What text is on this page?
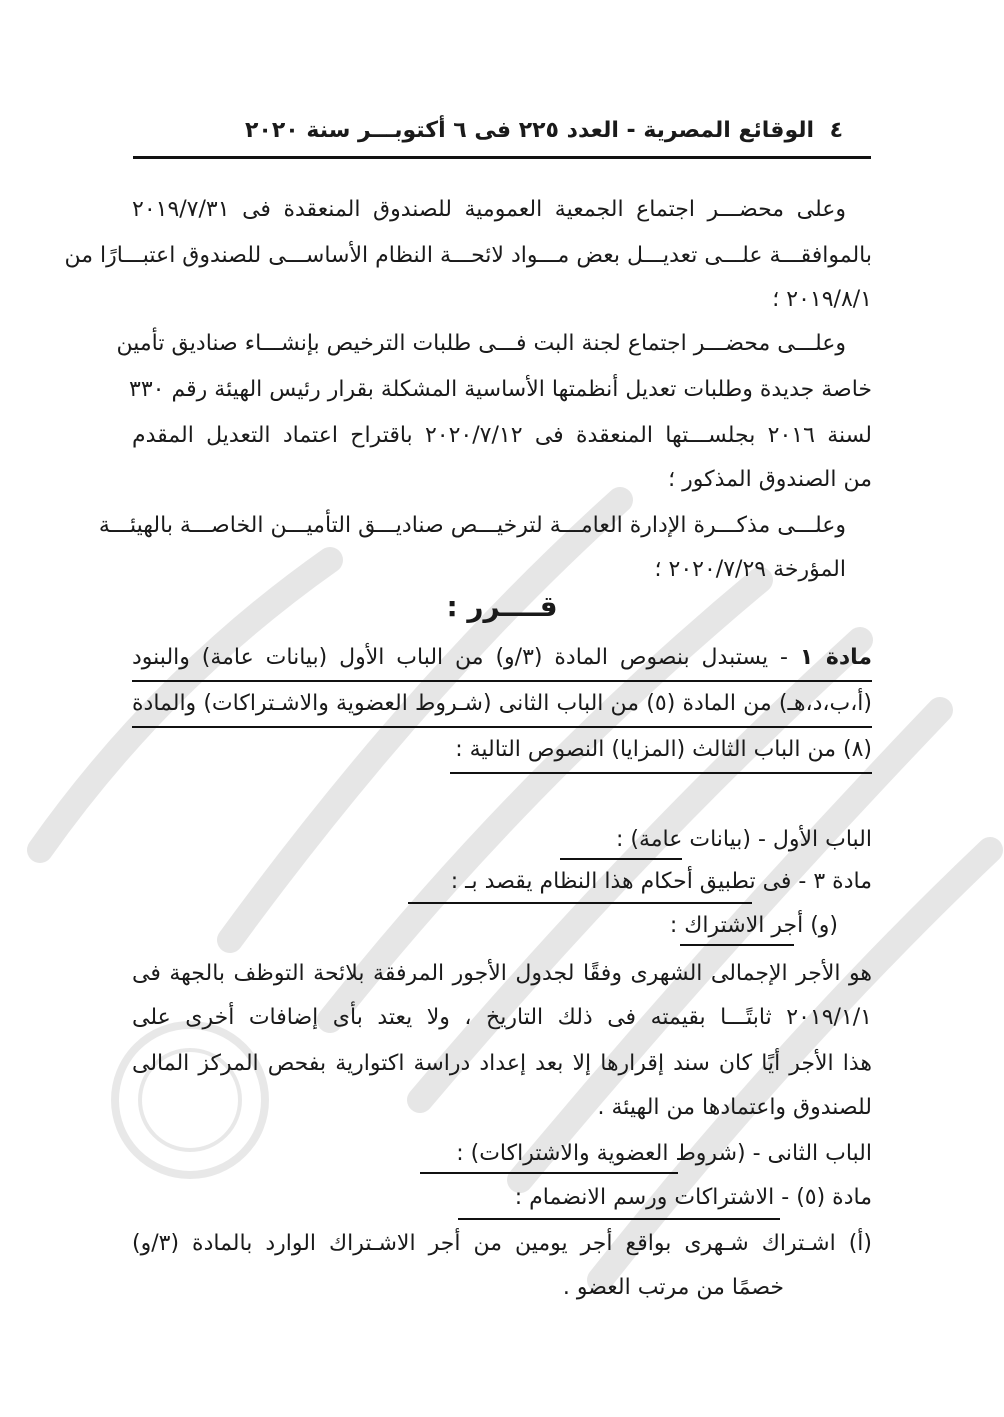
٤
الوقائع المصرية - العدد ٢٢٥ فى ٦ أكتوبـــر سنة ٢٠٢٠
وعلى محضـــر اجتماع الجمعية العمومية للصندوق المنعقدة فى ٢٠١٩/٧/٣١
بالموافقـــة علـــى تعديـــل بعض مـــواد لائحـــة النظام الأساســـى للصندوق اعتبـــارًا من
٢٠١٩/٨/١ ؛
وعلـــى محضـــر اجتماع لجنة البت فـــى طلبات الترخيص بإنشـــاء صناديق تأمين
خاصة جديدة وطلبات تعديل أنظمتها الأساسية المشكلة بقرار رئيس الهيئة رقم ٣٣٠
لسنة ٢٠١٦ بجلســـتها المنعقدة فى ٢٠٢٠/٧/١٢ باقتراح اعتماد التعديل المقدم
من الصندوق المذكور ؛
وعلـــى مذكـــرة الإدارة العامـــة لترخيـــص صناديـــق التأميـــن الخاصـــة بالهيئـــة
المؤرخة ٢٠٢٠/٧/٢٩ ؛
قــــرر :
مادة ١ - يستبدل بنصوص المادة (٣/و) من الباب الأول (بيانات عامة) والبنود
(أ،ب،د،هـ) من المادة (٥) من الباب الثانى (شـروط العضوية والاشـتراكات) والمادة
(٨) من الباب الثالث (المزايا) النصوص التالية :
الباب الأول - (بيانات عامة) :
مادة ٣ - فى تطبيق أحكام هذا النظام يقصد بـ :
(و) أجر الاشتراك :
هو الأجر الإجمالى الشهرى وفقًا لجدول الأجور المرفقة بلائحة التوظف بالجهة فى
٢٠١٩/١/١ ثابتًـــا بقيمته فى ذلك التاريخ ، ولا يعتد بأى إضافات أخرى على
هذا الأجر أيًا كان سند إقرارها إلا بعد إعداد دراسة اكتوارية بفحص المركز المالى
للصندوق واعتمادها من الهيئة .
الباب الثانى - (شروط العضوية والاشتراكات) :
مادة (٥) - الاشتراكات ورسم الانضمام :
(أ) اشـتراك شـهرى بواقع أجر يومين من أجر الاشـتراك الوارد بالمادة (٣/و)
خصمًا من مرتب العضو .
